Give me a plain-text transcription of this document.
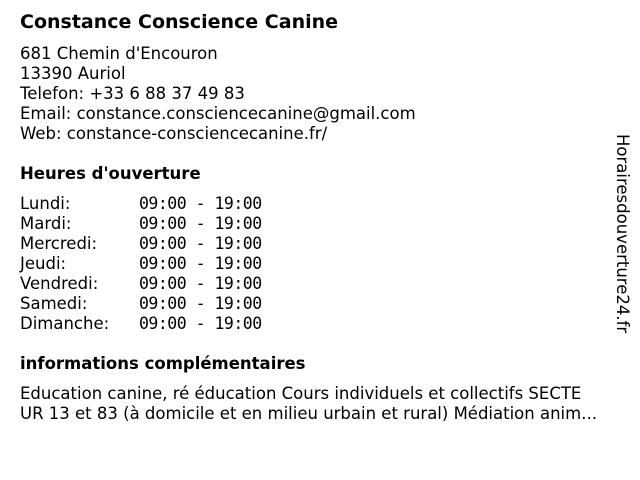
Constance Conscience Canine
681 Chemin d'Encouron
13390 Auriol
Telefon: +33 6 88 37 49 83
Email: constance.consciencecanine@gmail.com
Web: constance-consciencecanine.fr/
Heures d'ouverture
Lundi:	09:00 - 19:00
Mardi:	09:00 - 19:00
Mercredi:	09:00 - 19:00
Jeudi:	09:00 - 19:00
Vendredi:	09:00 - 19:00
Samedi:	09:00 - 19:00
Dimanche:	09:00 - 19:00
informations complémentaires
Education canine, ré éducation Cours individuels et collectifs SECTE
UR 13 et 83 (à domicile et en milieu urbain et rural) Médiation anim...
Horairesdouverture24.fr
